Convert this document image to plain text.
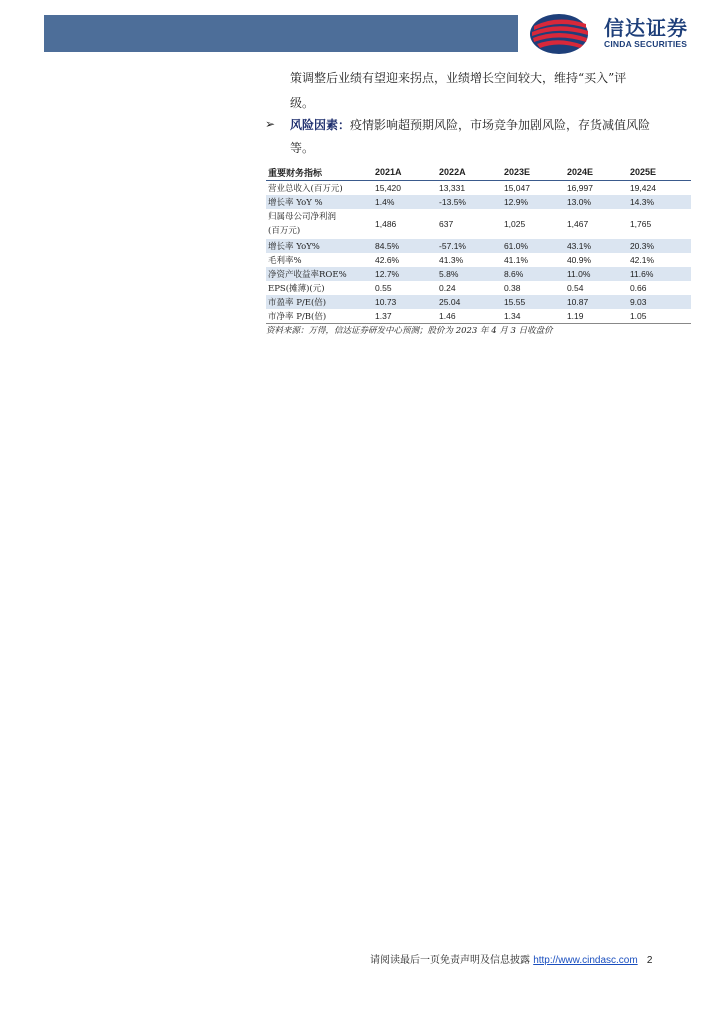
信达证券
CINDA SECURITIES
策调整后业绩有望迎来拐点，业绩增长空间较大，维持“买入”评
级。
➢ 风险因素：疫情影响超预期风险，市场竞争加剧风险，存货减值风险
等。
重要财务指标	2021A	2022A	2023E	2024E	2025E
营业总收入(百万元)	15,420	13,331	15,047	16,997	19,424
增长率 YoY %	1.4%	-13.5%	12.9%	13.0%	14.3%

归属母公司净利润
(百万元)	1,486	637	1,025	1,467	1,765
增长率 YoY%	84.5%	-57.1%	61.0%	43.1%	20.3%
毛利率%	42.6%	41.3%	41.1%	40.9%	42.1%
净资产收益率ROE%	12.7%	5.8%	8.6%	11.0%	11.6%
EPS(摊薄)(元)	0.55	0.24	0.38	0.54	0.66
市盈率 P/E(倍)	10.73	25.04	15.55	10.87	9.03
市净率 P/B(倍)	1.37	1.46	1.34	1.19	1.05
资料来源：万得，信达证券研发中心预测；股价为 2023 年 4 月 3 日收盘价
请阅读最后一页免责声明及信息披露 http://www.cindasc.com 2
